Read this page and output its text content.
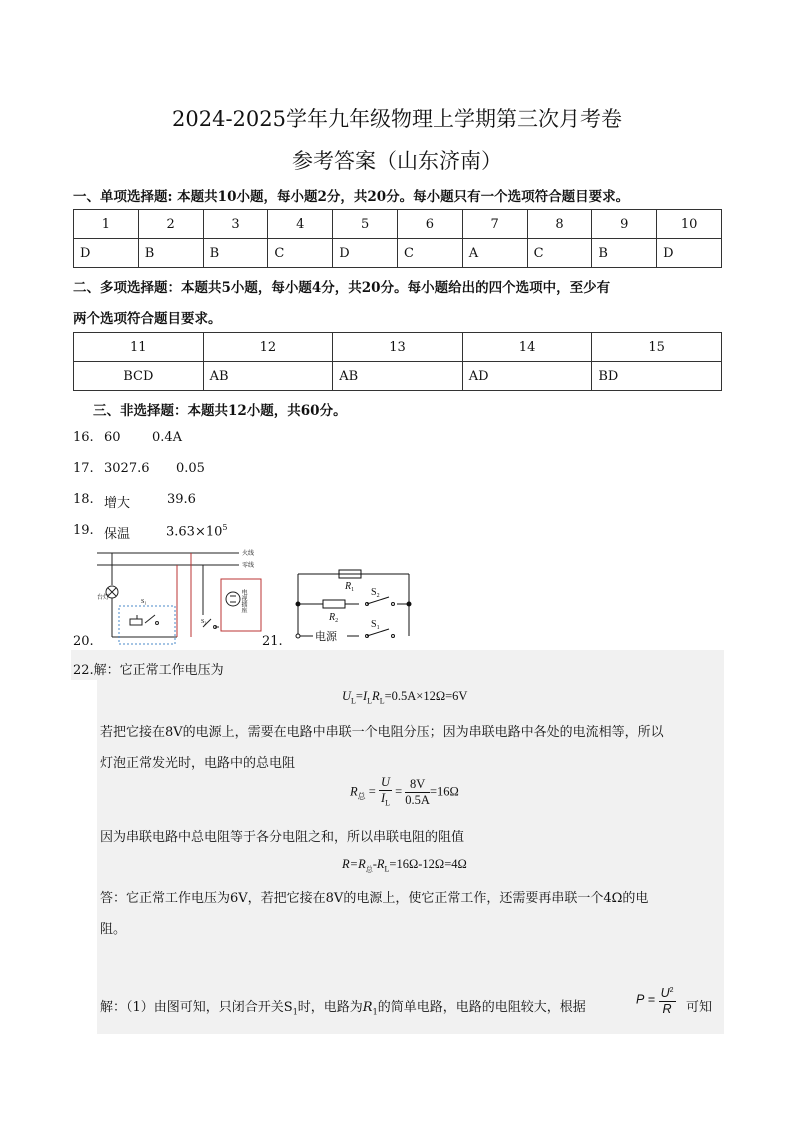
2024-2025学年九年级物理上学期第三次月考卷
参考答案（山东济南）
一、单项选择题: 本题共10小题，每小题2分，共20分。每小题只有一个选项符合题目要求。
1	2	3	4	5	6	7	8	9	10
D	B	B	C	D	C	A	C	B	D
二、多项选择题：本题共5小题，每小题4分，共20分。每小题给出的四个选项中，至少有
两个选项符合题目要求。
11	12	13	14	15
BCD	AB	AB	AD	BD
三、非选择题：本题共12小题，共60分。
16. 60 0.4A
17. 3027.6 0.05
18. 增大	39.6
19. 保温	$3.63\times 10^5$
20.
火线
零线
台灯
$S_1$
$S_2$
电视插座
21.
$R_1$
$R_2$
$S_2$
$S_1$
电源
22.解：它正常工作电压为
$U_L=I_LR_L=0.5A\times 12\Omega=6V$
若把它接在8V的电源上，需要在电路中串联一个电阻分压；因为串联电路中各处的电流相等，所以
灯泡正常发光时，电路中的总电阻
$R_总 = \frac{U}{I_L} = \frac{8V}{0.5A} =16\Omega$
因为串联电路中总电阻等于各分电阻之和，所以串联电阻的阻值
$R=R_总-R_L=16\Omega-12\Omega=4\Omega$
答：它正常工作电压为6V，若把它接在8V的电源上，使它正常工作，还需要再串联一个4Ω的电
阻。
解：（1）由图可知，只闭合开关$S_1$时，电路为$R_1$的简单电路，电路的电阻较大，根据
$P = \frac{U^2}{R}$ 可知
